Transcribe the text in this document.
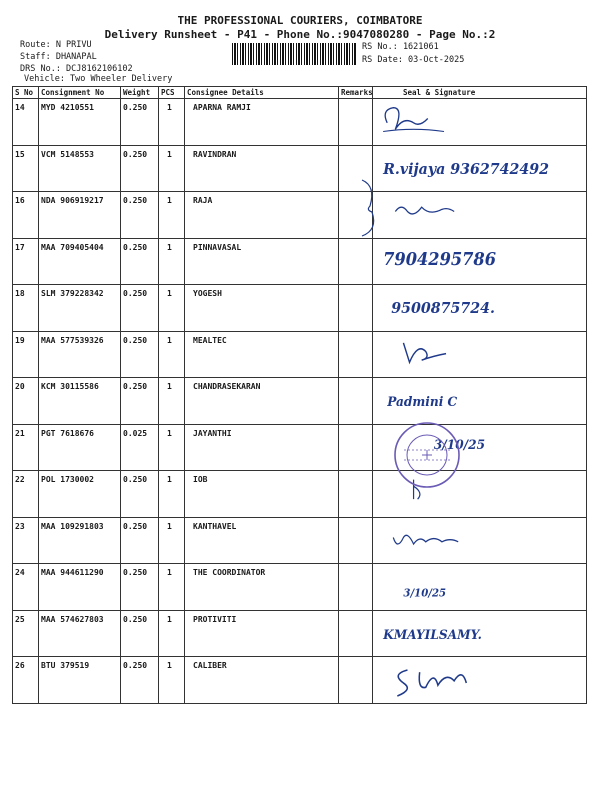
THE PROFESSIONAL COURIERS, COIMBATORE
Delivery Runsheet - P41 - Phone No.:9047080280 - Page No.:2
Route: N PRIVU
Staff: DHANAPAL
DRS No.: DCJ8162106102
Vehicle: Two Wheeler Delivery
RS No.: 1621061
RS Date: 03-Oct-2025
S No	Consignment No	Weight	PCS	Consignee Details	Remarks	Seal & Signature
14	MYD 4210551	0.250	1	APARNA RAMJI		

15	VCM 5148553	0.250	1	RAVINDRAN		R.vijaya 9362742492

16	NDA 906919217	0.250	1	RAJA		

17	MAA 709405404	0.250	1	PINNAVASAL		7904295786

18	SLM 379228342	0.250	1	YOGESH		9500875724.

19	MAA 577539326	0.250	1	MEALTEC		

20	KCM 30115586	0.250	1	CHANDRASEKARAN		Padmini C

21	PGT 7618676	0.025	1	JAYANTHI		3/10/25

22	POL 1730002	0.250	1	IOB		

23	MAA 109291803	0.250	1	KANTHAVEL		

24	MAA 944611290	0.250	1	THE COORDINATOR		3/10/25

25	MAA 574627803	0.250	1	PROTIVITI		KMAYILSAMY.

26	BTU 379519	0.250	1	CALIBER		
